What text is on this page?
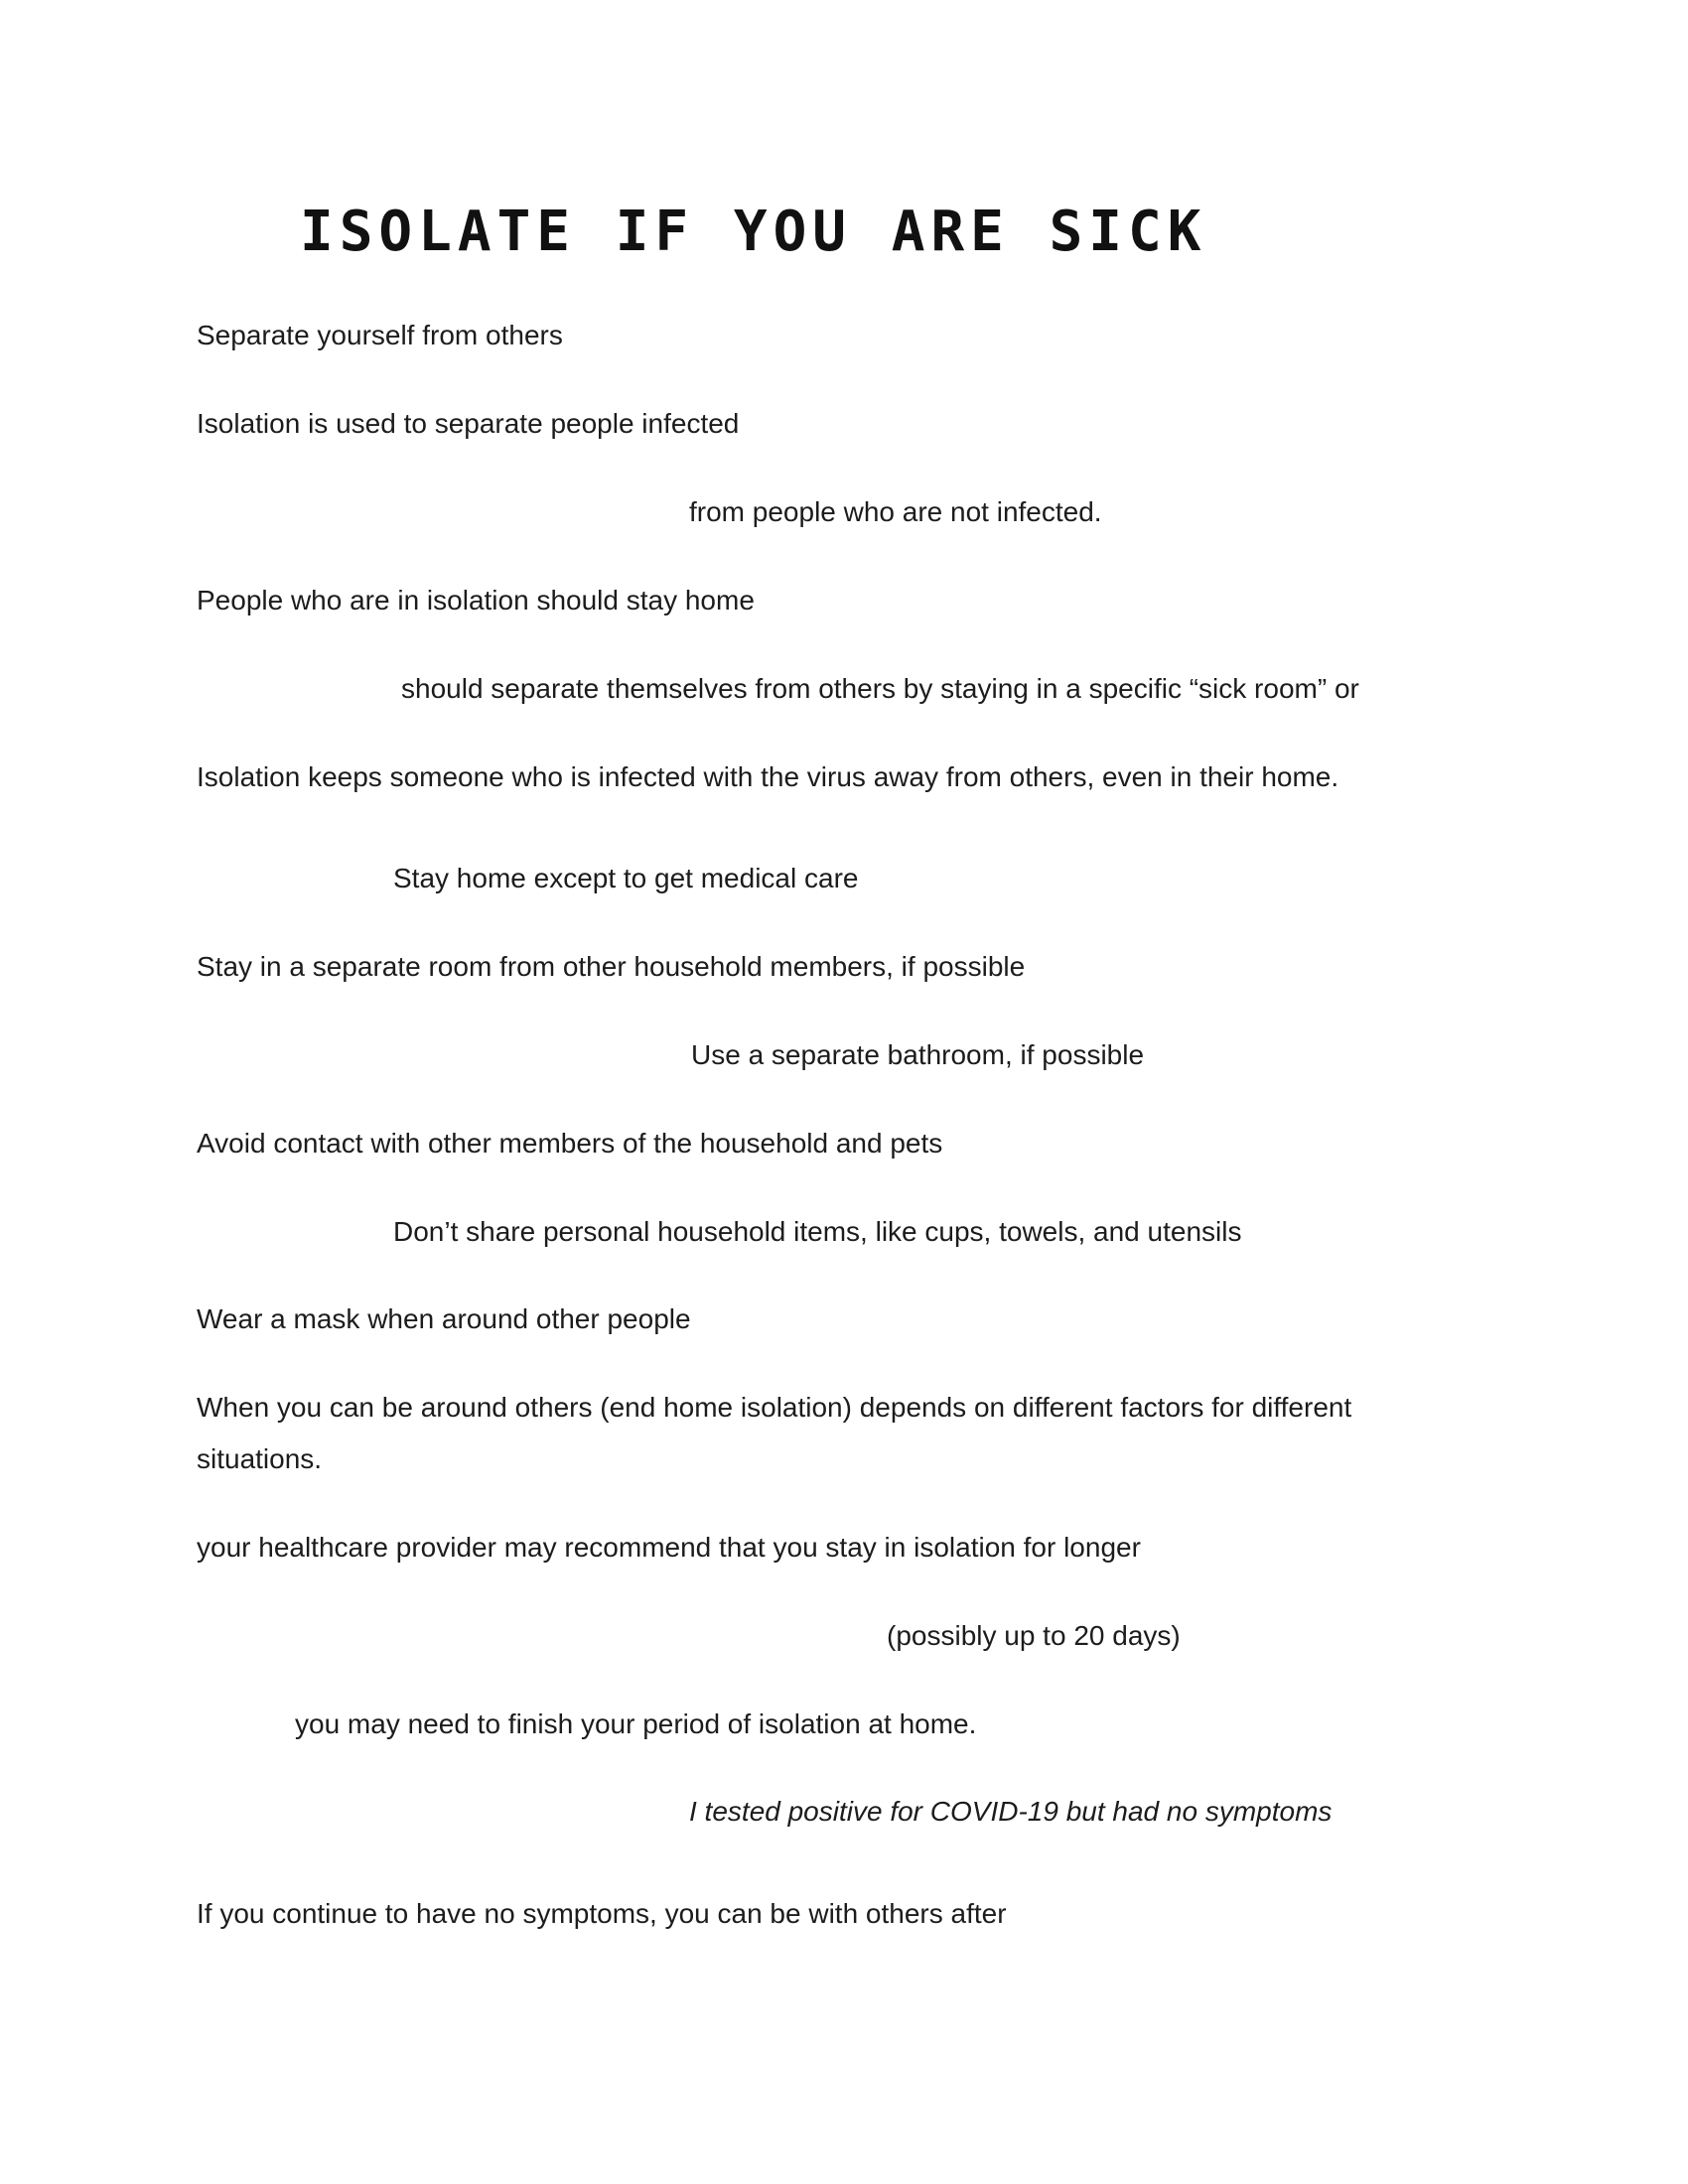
ISOLATE IF YOU ARE SICK

Separate yourself from others

Isolation is used to separate people infected

from people who are not infected.

People who are in isolation should stay home

should separate themselves from others by staying in a specific “sick room” or

Isolation keeps someone who is infected with the virus away from others, even in their home.

Stay home except to get medical care

Stay in a separate room from other household members, if possible

Use a separate bathroom, if possible

Avoid contact with other members of the household and pets

Don’t share personal household items, like cups, towels, and utensils

Wear a mask when around other people

When you can be around others (end home isolation) depends on different factors for different

situations.

your healthcare provider may recommend that you stay in isolation for longer

(possibly up to 20 days)

you may need to finish your period of isolation at home.

I tested positive for COVID-19 but had no symptoms

If you continue to have no symptoms, you can be with others after
